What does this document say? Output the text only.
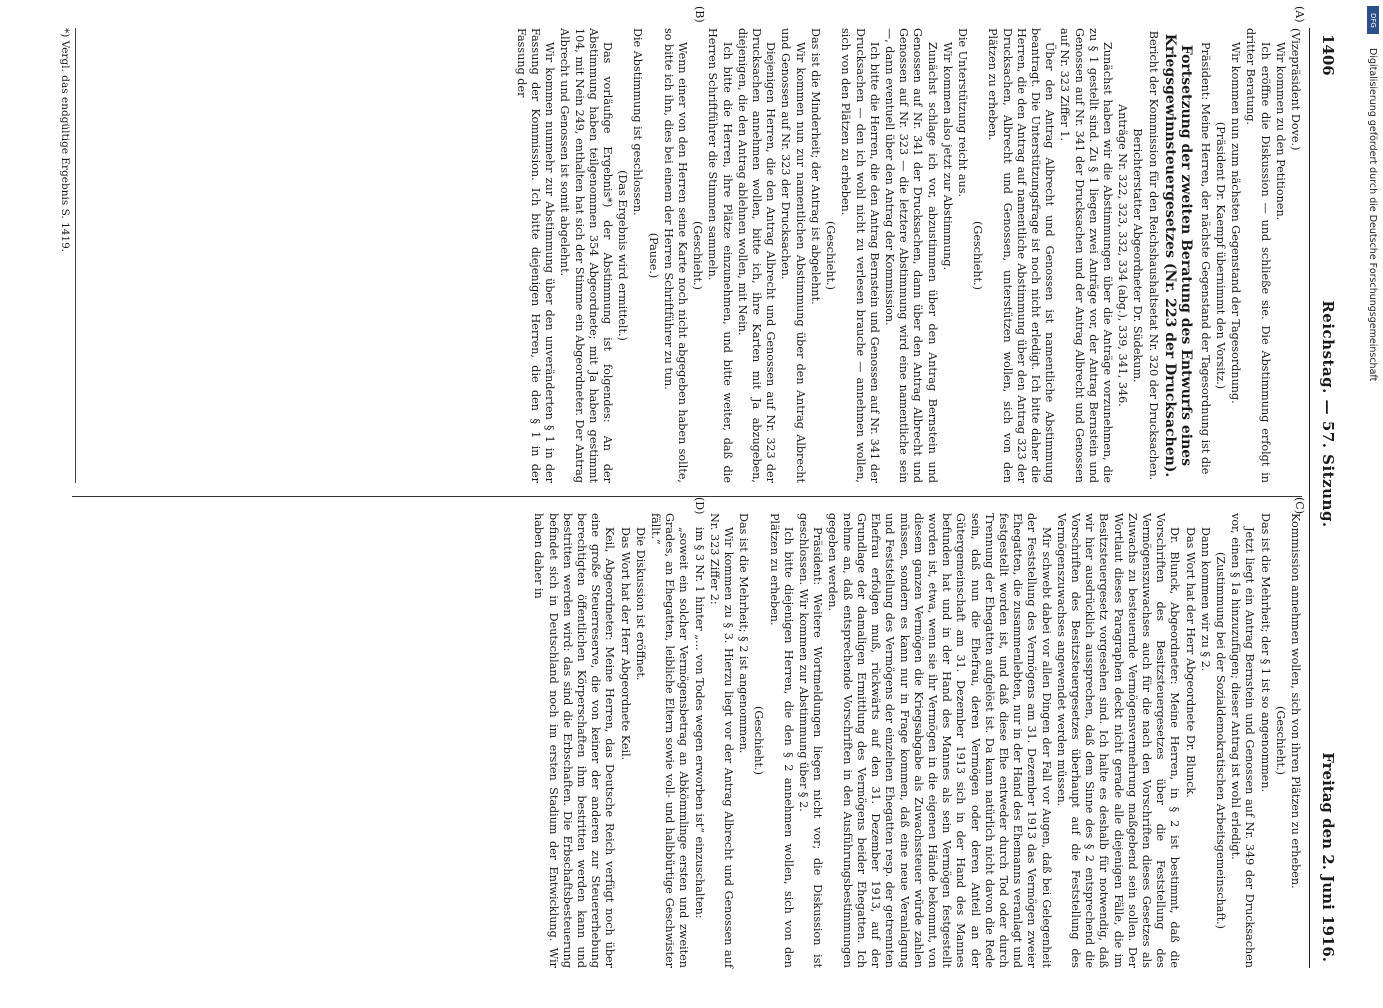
1406
Reichstag. — 57. Sitzung.
Freitag den 2. Juni 1916.
(A)
(C)
(B)
(D)

(Vizepräsident Dove.)

Wir kommen zu den Petitionen.

Ich eröffne die Diskussion — und schließe sie. Die Abstimmung erfolgt in dritter Beratung.

Wir kommen nun zum nächsten Gegenstand der Tagesordnung.

(Präsident Dr. Kaempf übernimmt den Vorsitz.)

Präsident: Meine Herren, der nächste Gegenstand der Tagesordnung ist die

Fortsetzung der zweiten Beratung des Entwurfs eines Kriegsgewinnsteuergesetzes (Nr. 223 der Drucksachen).

Bericht der Kommission für den Reichshaushaltsetat Nr. 320 der Drucksachen.

Berichterstatter Abgeordneter Dr. Südekum.

Anträge Nr. 322, 323, 332, 334 (abg.), 339, 341, 346.

Zunächst haben wir die Abstimmungen über die Anträge vorzunehmen, die zu § 1 gestellt sind. Zu § 1 liegen zwei Anträge vor, der Antrag Bernstein und Genossen auf Nr. 341 der Drucksachen und der Antrag Albrecht und Genossen auf Nr. 323 Ziffer 1.

Über den Antrag Albrecht und Genossen ist namentliche Abstimmung beantragt. Die Unterstützungsfrage ist noch nicht erledigt. Ich bitte daher die Herren, die den Antrag auf namentliche Abstimmung über den Antrag 323 der Drucksachen, Albrecht und Genossen, unterstützen wollen, sich von den Plätzen zu erheben.

(Geschieht.)

Die Unterstützung reicht aus.

Wir kommen also jetzt zur Abstimmung.

Zunächst schlage ich vor, abzustimmen über den Antrag Bernstein und Genossen auf Nr. 341 der Drucksachen, dann über den Antrag Albrecht und Genossen auf Nr. 323 — die letztere Abstimmung wird eine namentliche sein —, dann eventuell über den Antrag der Kommission.

Ich bitte die Herren, die den Antrag Bernstein und Genossen auf Nr. 341 der Drucksachen — den ich wohl nicht zu verlesen brauche — annehmen wollen, sich von den Plätzen zu erheben.

(Geschieht.)

Das ist die Minderheit; der Antrag ist abgelehnt.

Wir kommen nun zur namentlichen Abstimmung über den Antrag Albrecht und Genossen auf Nr. 323 der Drucksachen.

Diejenigen Herren, die den Antrag Albrecht und Genossen auf Nr. 323 der Drucksachen annehmen wollen, bitte ich, ihre Karten mit Ja abzugeben, diejenigen, die den Antrag ablehnen wollen, mit Nein.

Ich bitte die Herren, ihre Plätze einzunehmen, und bitte weiter, daß die Herren Schriftführer die Stimmen sammeln.

(Geschieht.)

Wenn einer von den Herren seine Karte noch nicht abgegeben haben sollte, so bitte ich ihn, dies bei einem der Herren Schriftführer zu tun.

(Pause.)

Die Abstimmung ist geschlossen.

(Das Ergebnis wird ermittelt.)

Das vorläufige Ergebnis*) der Abstimmung ist folgendes: An der Abstimmung haben teilgenommen 354 Abgeordnete; mit Ja haben gestimmt 104, mit Nein 249, enthalten hat sich der Stimme ein Abgeordneter. Der Antrag Albrecht und Genossen ist somit abgelehnt.

Wir kommen nunmehr zur Abstimmung über den unveränderten § 1 in der Fassung der Kommission. Ich bitte diejenigen Herren, die den § 1 in der Fassung der

Kommission annehmen wollen, sich von ihren Plätzen zu erheben.

(Geschieht.)

Das ist die Mehrheit; der § 1 ist so angenommen.

Jetzt liegt ein Antrag Bernstein und Genossen auf Nr. 349 der Drucksachen vor, einen § 1a hinzuzufügen; dieser Antrag ist wohl erledigt.

(Zustimmung bei der Sozialdemokratischen Arbeitsgemeinschaft.)

Dann kommen wir zu § 2.

Das Wort hat der Herr Abgeordnete Dr. Blunck.

Dr. Blunck, Abgeordneter: Meine Herren, in § 2 ist bestimmt, daß die Vorschriften des Besitzsteuergesetzes über die Feststellung des Vermögenszuwachses auch für die nach den Vorschriften dieses Gesetzes als Zuwachs zu besteuernde Vermögensvermehrung maßgebend sein sollen. Der Wortlaut dieses Paragraphen deckt nicht gerade alle diejenigen Fälle, die im Besitzsteuergesetz vorgesehen sind. Ich halte es deshalb für notwendig, daß wir hier ausdrücklich aussprechen, daß dem Sinne des § 2 entsprechend die Vorschriften des Besitzsteuergesetzes überhaupt auf die Feststellung des Vermögenszuwachses angewendet werden müssen.

Mir schwebt dabei vor allen Dingen der Fall vor Augen, daß bei Gelegenheit der Feststellung des Vermögens am 31. Dezember 1913 das Vermögen zweier Ehegatten, die zusammenlebten, nur in der Hand des Ehemanns veranlagt und festgestellt worden ist, und daß diese Ehe entweder durch Tod oder durch Trennung der Ehegatten aufgelöst ist. Da kann natürlich nicht davon die Rede sein, daß nun die Ehefrau, deren Vermögen oder deren Anteil an der Gütergemeinschaft am 31. Dezember 1913 sich in der Hand des Mannes befunden hat und in der Hand des Mannes als sein Vermögen festgestellt worden ist, etwa, wenn sie ihr Vermögen in die eigenen Hände bekommt, von diesem ganzen Vermögen die Kriegsabgabe als Zuwachssteuer würde zahlen müssen, sondern es kann nur in Frage kommen, daß eine neue Veranlagung und Feststellung des Vermögens der einzelnen Ehegatten resp. der getrennten Ehefrau erfolgen muß, rückwärts auf den 31. Dezember 1913, auf der Grundlage der damaligen Ermittlung des Vermögens beider Ehegatten. Ich nehme an, daß entsprechende Vorschriften in den Ausführungsbestimmungen gegeben werden.

Präsident: Weitere Wortmeldungen liegen nicht vor; die Diskussion ist geschlossen. Wir kommen zur Abstimmung über § 2.

Ich bitte diejenigen Herren, die den § 2 annehmen wollen, sich von den Plätzen zu erheben.

(Geschieht.)

Das ist die Mehrheit; § 2 ist angenommen.

Wir kommen zu § 3. Hierzu liegt vor der Antrag Albrecht und Genossen auf Nr. 323 Ziffer 2:

im § 3 Nr. 1 hinter „... von Todes wegen erworben ist“ einzuschalten:

„soweit ein solcher Vermögensbetrag an Abkömmlinge ersten und zweiten Grades, an Ehegatten, leibliche Eltern sowie voll- und halbbürtige Geschwister fällt.“

Die Diskussion ist eröffnet.

Das Wort hat der Herr Abgeordnete Keil.

Keil, Abgeordneter: Meine Herren, das Deutsche Reich verfügt noch über eine große Steuerreserve, die von keiner der anderen zur Steuererhebung berechtigten öffentlichen Körperschaften ihm bestritten werden kann und bestritten werden wird: das sind die Erbschaften. Die Erbschaftsbesteuerung befindet sich in Deutschland noch im ersten Stadium der Entwicklung. Wir haben daher in

*) Vergl. das endgültige Ergebnis S. 1419.
DFG
Digitalisierung gefördert durch die Deutsche Forschungsgemeinschaft
